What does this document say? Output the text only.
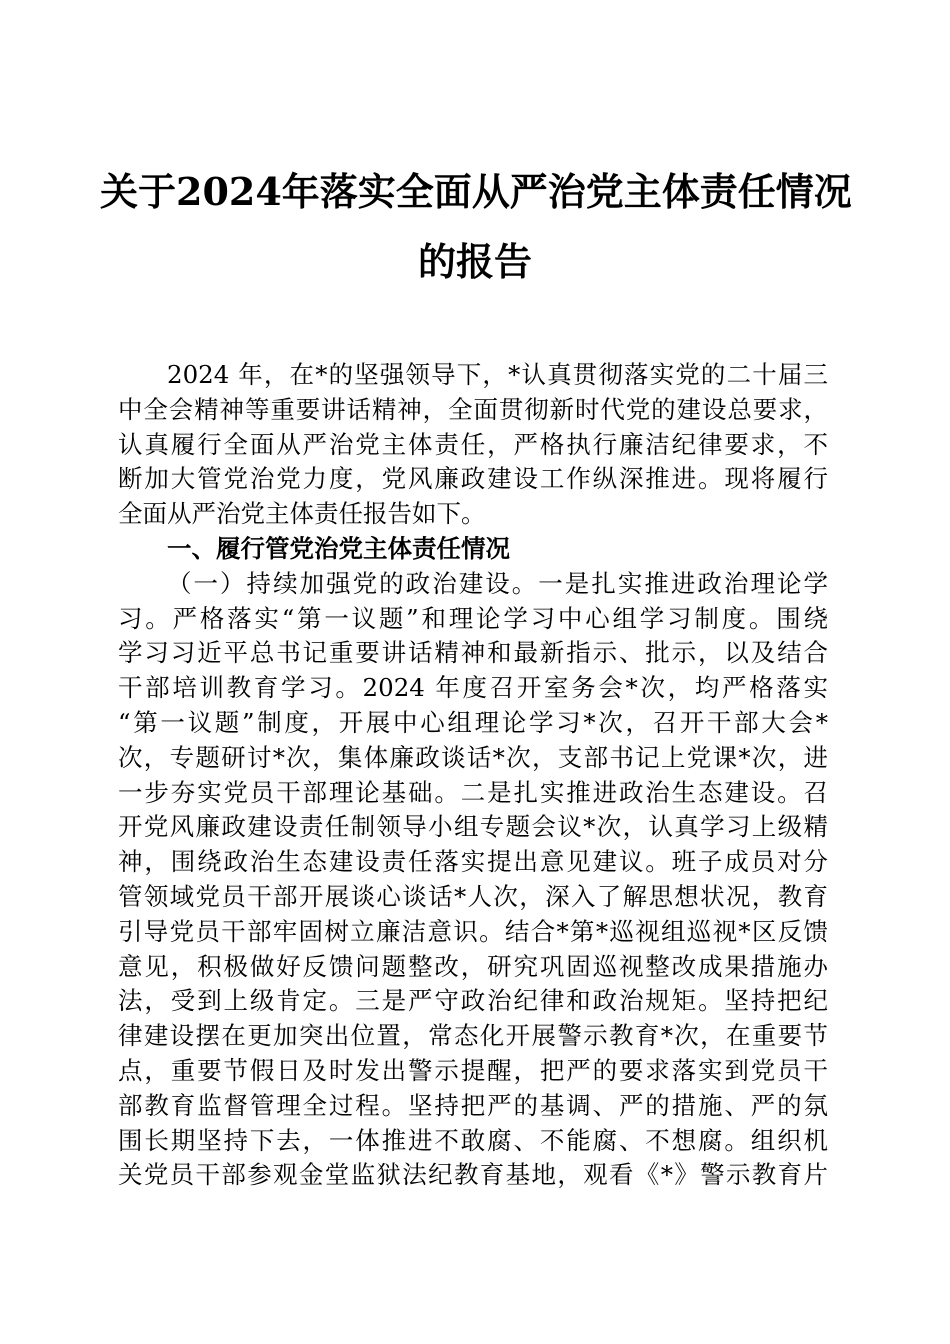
关于2024年落实全面从严治党主体责任情况
的报告
2024 年，在*的坚强领导下，*认真贯彻落实党的二十届三
中全会精神等重要讲话精神，全面贯彻新时代党的建设总要求，
认真履行全面从严治党主体责任，严格执行廉洁纪律要求，不
断加大管党治党力度，党风廉政建设工作纵深推进。现将履行
全面从严治党主体责任报告如下。
一、履行管党治党主体责任情况
（一）持续加强党的政治建设。一是扎实推进政治理论学
习。严格落实“第一议题”和理论学习中心组学习制度。围绕
学习习近平总书记重要讲话精神和最新指示、批示，以及结合
干部培训教育学习。2024 年度召开室务会*次，均严格落实
“第一议题”制度，开展中心组理论学习*次，召开干部大会*
次，专题研讨*次，集体廉政谈话*次，支部书记上党课*次，进
一步夯实党员干部理论基础。二是扎实推进政治生态建设。召
开党风廉政建设责任制领导小组专题会议*次，认真学习上级精
神，围绕政治生态建设责任落实提出意见建议。班子成员对分
管领域党员干部开展谈心谈话*人次，深入了解思想状况，教育
引导党员干部牢固树立廉洁意识。结合*第*巡视组巡视*区反馈
意见，积极做好反馈问题整改，研究巩固巡视整改成果措施办
法，受到上级肯定。三是严守政治纪律和政治规矩。坚持把纪
律建设摆在更加突出位置，常态化开展警示教育*次，在重要节
点，重要节假日及时发出警示提醒，把严的要求落实到党员干
部教育监督管理全过程。坚持把严的基调、严的措施、严的氛
围长期坚持下去，一体推进不敢腐、不能腐、不想腐。组织机
关党员干部参观金堂监狱法纪教育基地，观看《*》警示教育片
